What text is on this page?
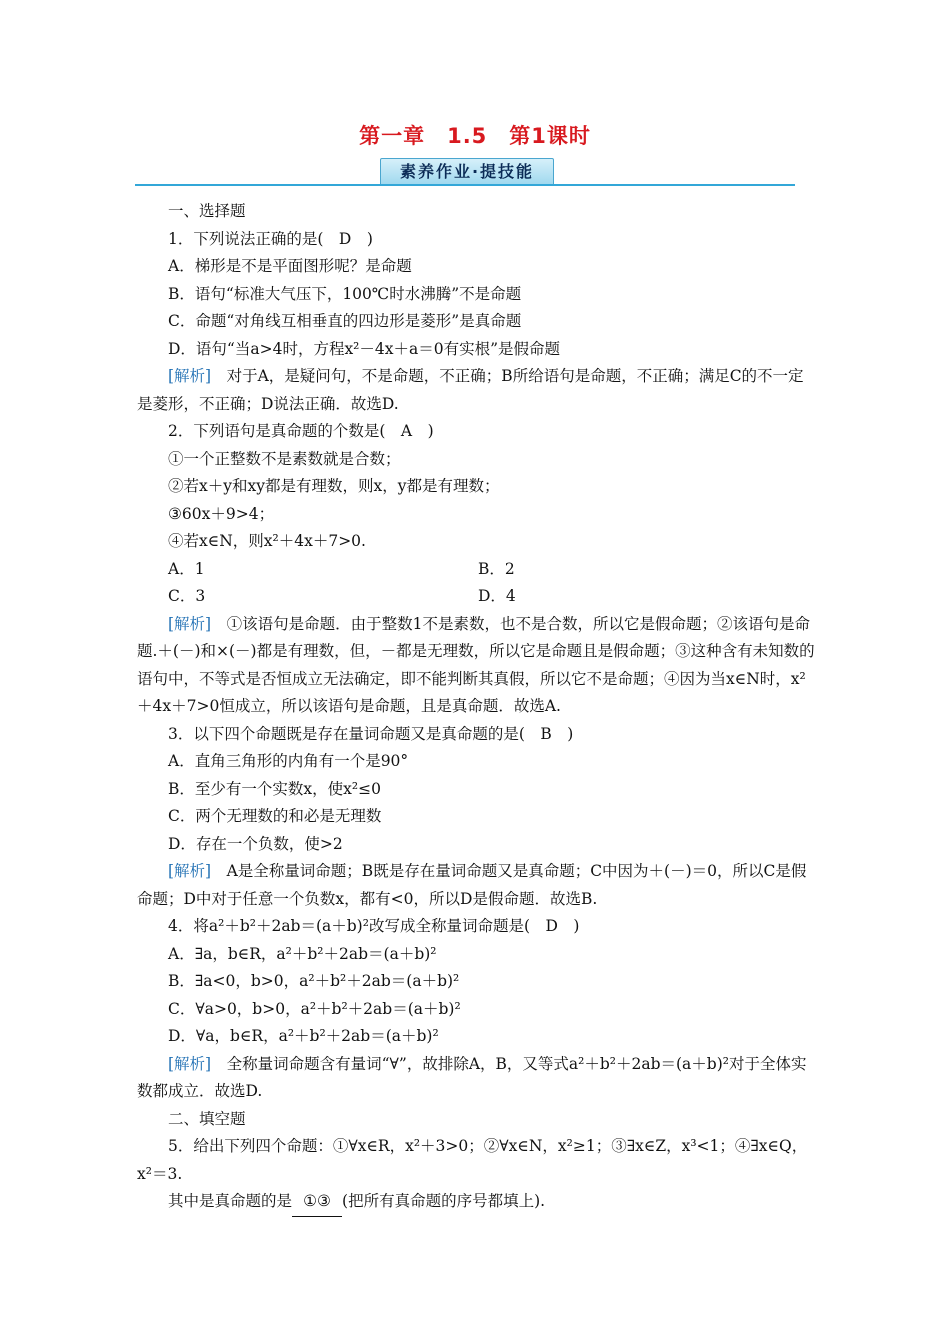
第一章　1.5　第1课时
素养作业·提技能
一、选择题
1．下列说法正确的是(　D　)
A．梯形是不是平面图形呢？是命题
B．语句“标准大气压下，100℃时水沸腾”不是命题
C．命题“对角线互相垂直的四边形是菱形”是真命题
D．语句“当a>4时，方程x²－4x＋a＝0有实根”是假命题
[解析]　对于A，是疑问句，不是命题，不正确；B所给语句是命题，不正确；满足C的不一定是菱形，不正确；D说法正确．故选D.
2．下列语句是真命题的个数是(　A　)
①一个正整数不是素数就是合数；
②若x＋y和xy都是有理数，则x，y都是有理数；
③60x＋9>4；
④若x∈N，则x²＋4x＋7>0.
A．1	B．2
C．3	D．4
[解析]　①该语句是命题．由于整数1不是素数，也不是合数，所以它是假命题；②该语句是命题.＋(－)和×(－)都是有理数，但，－都是无理数，所以它是命题且是假命题；③这种含有未知数的语句中，不等式是否恒成立无法确定，即不能判断其真假，所以它不是命题；④因为当x∈N时，x²＋4x＋7>0恒成立，所以该语句是命题，且是真命题．故选A.
3．以下四个命题既是存在量词命题又是真命题的是(　B　)
A．直角三角形的内角有一个是90°
B．至少有一个实数x，使x²≤0
C．两个无理数的和必是无理数
D．存在一个负数，使>2
[解析]　A是全称量词命题；B既是存在量词命题又是真命题；C中因为＋(－)＝0，所以C是假命题；D中对于任意一个负数x，都有<0，所以D是假命题．故选B.
4．将a²＋b²＋2ab＝(a＋b)²改写成全称量词命题是(　D　)
A．∃a，b∈R，a²＋b²＋2ab＝(a＋b)²
B．∃a<0，b>0，a²＋b²＋2ab＝(a＋b)²
C．∀a>0，b>0，a²＋b²＋2ab＝(a＋b)²
D．∀a，b∈R，a²＋b²＋2ab＝(a＋b)²
[解析]　全称量词命题含有量词“∀”，故排除A，B，又等式a²＋b²＋2ab＝(a＋b)²对于全体实数都成立．故选D.
二、填空题
5．给出下列四个命题：①∀x∈R，x²＋3>0；②∀x∈N，x²≥1；③∃x∈Z，x³<1；④∃x∈Q，x²＝3.
其中是真命题的是 ①③ (把所有真命题的序号都填上).
